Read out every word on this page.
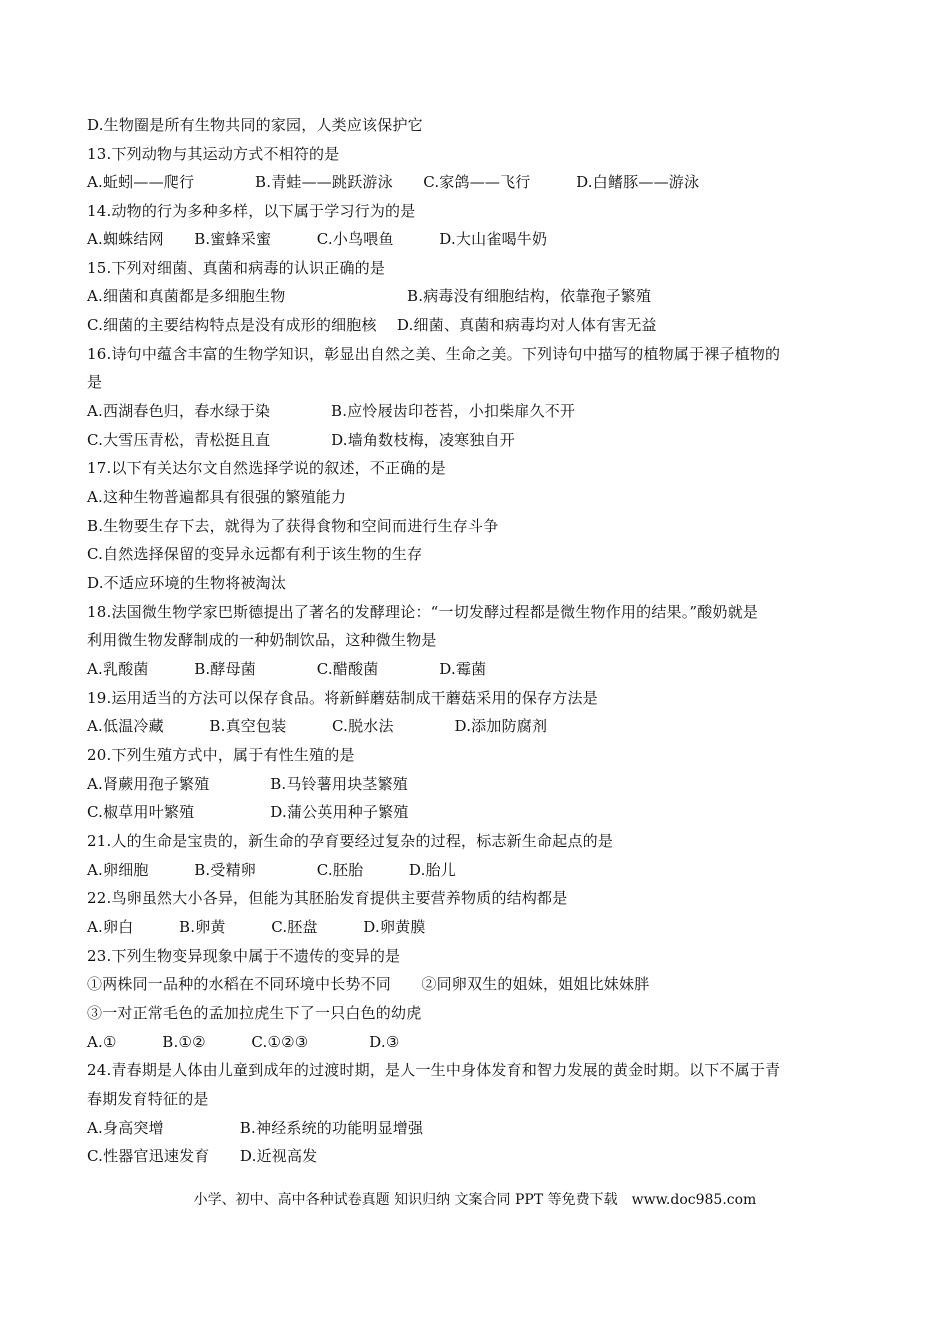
D.生物圈是所有生物共同的家园，人类应该保护它
13.下列动物与其运动方式不相符的是
A.蚯蚓——爬行　　　　B.青蛙——跳跃游泳　　C.家鸽——飞行　　　D.白鳍豚——游泳
14.动物的行为多种多样，以下属于学习行为的是
A.蜘蛛结网　　B.蜜蜂采蜜　　　C.小鸟喂鱼　　　D.大山雀喝牛奶
15.下列对细菌、真菌和病毒的认识正确的是
A.细菌和真菌都是多细胞生物　　　　　　　　B.病毒没有细胞结构，依靠孢子繁殖
C.细菌的主要结构特点是没有成形的细胞核　 D.细菌、真菌和病毒均对人体有害无益
16.诗句中蕴含丰富的生物学知识，彰显出自然之美、生命之美。下列诗句中描写的植物属于裸子植物的
是
A.西湖春色归，春水绿于染　　　　B.应怜屐齿印苍苔，小扣柴扉久不开
C.大雪压青松，青松挺且直　　　　D.墙角数枝梅，凌寒独自开
17.以下有关达尔文自然选择学说的叙述，不正确的是
A.这种生物普遍都具有很强的繁殖能力
B.生物要生存下去，就得为了获得食物和空间而进行生存斗争
C.自然选择保留的变异永远都有利于该生物的生存
D.不适应环境的生物将被淘汰
18.法国微生物学家巴斯德提出了著名的发酵理论：“一切发酵过程都是微生物作用的结果。”酸奶就是
利用微生物发酵制成的一种奶制饮品，这种微生物是
A.乳酸菌　　　B.酵母菌　　　　C.醋酸菌　　　　D.霉菌
19.运用适当的方法可以保存食品。将新鲜蘑菇制成干蘑菇采用的保存方法是
A.低温冷藏　　　B.真空包装　　　C.脱水法　　　　D.添加防腐剂
20.下列生殖方式中，属于有性生殖的是
A.肾蕨用孢子繁殖　　　　B.马铃薯用块茎繁殖
C.椒草用叶繁殖　　　　　D.蒲公英用种子繁殖
21.人的生命是宝贵的，新生命的孕育要经过复杂的过程，标志新生命起点的是
A.卵细胞　　　B.受精卵　　　　C.胚胎　　　D.胎儿
22.鸟卵虽然大小各异，但能为其胚胎发育提供主要营养物质的结构都是
A.卵白　　　B.卵黄　　　C.胚盘　　　D.卵黄膜
23.下列生物变异现象中属于不遗传的变异的是
①两株同一品种的水稻在不同环境中长势不同　　②同卵双生的姐妹，姐姐比妹妹胖
③一对正常毛色的孟加拉虎生下了一只白色的幼虎
A.①　　　B.①②　　　C.①②③　　　　D.③
24.青春期是人体由儿童到成年的过渡时期，是人一生中身体发育和智力发展的黄金时期。以下不属于青
春期发育特征的是
A.身高突增　　　　　B.神经系统的功能明显增强
C.性器官迅速发育　　D.近视高发
小学、初中、高中各种试卷真题 知识归纳 文案合同 PPT 等免费下载　www.doc985.com
